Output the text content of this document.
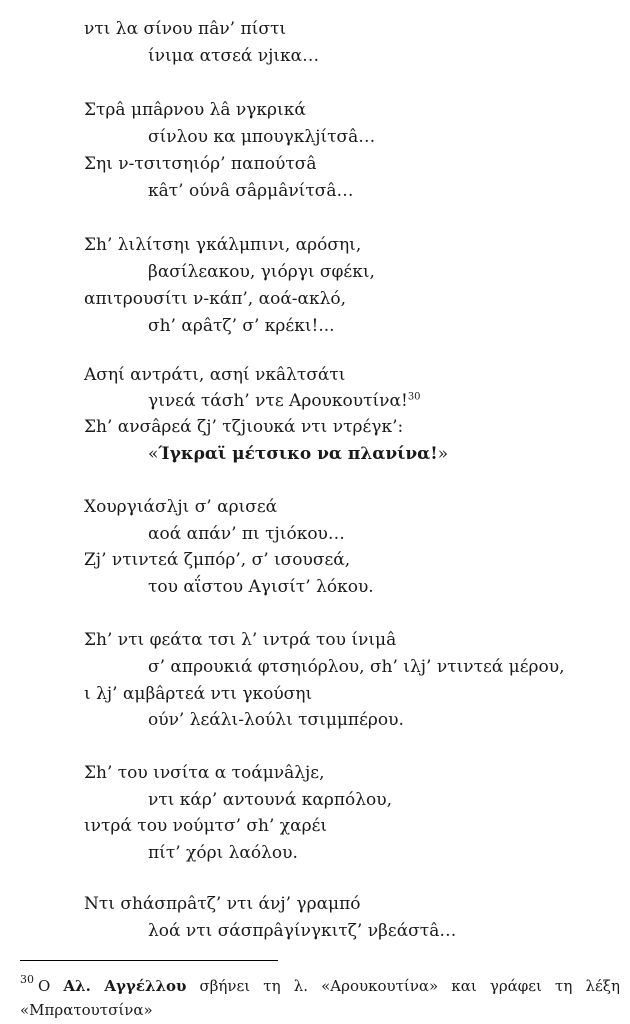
ντι λα σίνου πâν’ πίστι
ίνιμα ατσεά νjικα…
Στρâ μπâρνου λâ νγκρικά
σίνλου κα μπουγκλjίτσâ…
Σηι ν-τσιτσηιόρ’ παπούτσâ
κâτ’ ούνâ σâρμâνίτσâ…
Σh’ λιλίτσηι γκάλμπινι, αρόσηι,
βασίλεακου, γιόργι σφέκι,
απιτρουσίτι ν-κάπ’, αοά-ακλό,
σh’ αρâτζ’ σ’ κρέκι!...
Ασηί αντράτι, ασηί νκâλτσάτι
γινεά τάσh’ ντε Αρουκουτίνα!$^{30}$
Σh’ ανσâρεά ζj’ τζjιουκά ντι ντρέγκ’:
«Ίγκραϊ μέτσικο να πλανίνα!»
Χουργιάσλjι σ’ αρισεά
αοά απάν’ πι τjιόκου…
Ζj’ ντιντεά ζμπόρ’, σ’ ισουσεά,
του αΐστου Αγισίτ’ λόκου.
Σh’ ντι φεάτα τσι λ’ ιντρά του ίνιμâ
σ’ απρουκιά φτσηιόρλου, σh’ ιλj’ ντιντεά μέρου,
ι λj’ αμβâρτεά ντι γκούσηι
ούν’ λεάλι-λούλι τσιμμπέρου.
Σh’ του ινσίτα α τοάμνâλjε,
ντι κάρ’ αντουνά καρπόλου,
ιντρά του νούμτσ’ σh’ χαρέι
πίτ’ χόρι λαόλου.
Ντι σhάσπρâτζ’ ντι άνj’ γραμπό
λοά ντι σάσπρâγίνγκιτζ’ νβεάστâ…
$^{30}$ Ο Αλ. Αγγέλλου σβήνει τη λ. «Αρουκουτίνα» και γράφει τη λέξη «Μπρατουτσίνα»
